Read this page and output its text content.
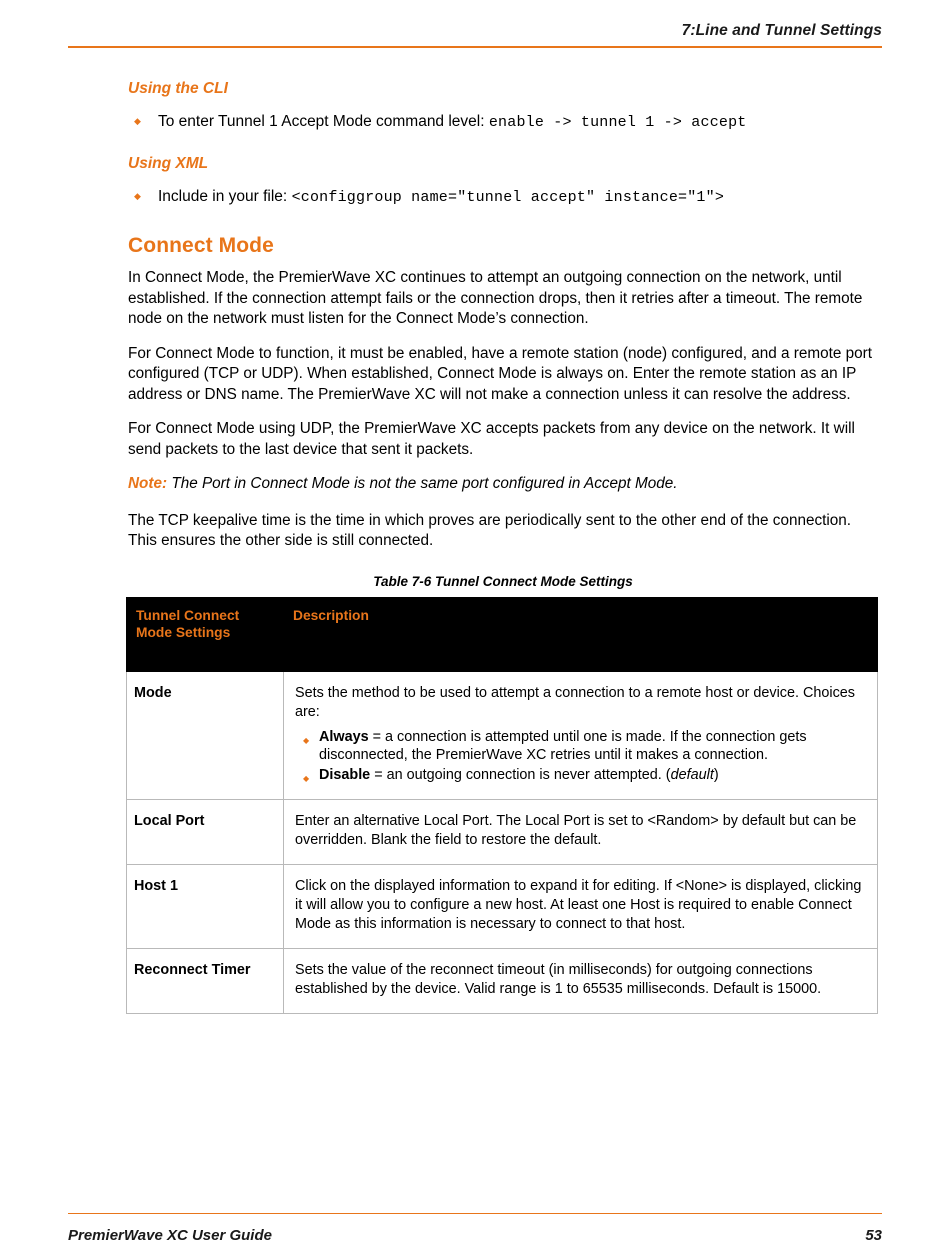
7:Line and Tunnel Settings
Using the CLI
◆	To enter Tunnel 1 Accept Mode command level: enable -> tunnel 1 -> accept
Using XML
◆	Include in your file: <configgroup name="tunnel accept" instance="1">
Connect Mode

In Connect Mode, the PremierWave XC continues to attempt an outgoing connection on the network, until established. If the connection attempt fails or the connection drops, then it retries after a timeout. The remote node on the network must listen for the Connect Mode’s connection.

For Connect Mode to function, it must be enabled, have a remote station (node) configured, and a remote port configured (TCP or UDP). When established, Connect Mode is always on. Enter the remote station as an IP address or DNS name. The PremierWave XC will not make a connection unless it can resolve the address.

For Connect Mode using UDP, the PremierWave XC accepts packets from any device on the network. It will send packets to the last device that sent it packets.

Note: The Port in Connect Mode is not the same port configured in Accept Mode.

The TCP keepalive time is the time in which proves are periodically sent to the other end of the connection. This ensures the other side is still connected.

Table 7-6 Tunnel Connect Mode Settings
Tunnel Connect Mode Settings	Description
Mode	Sets the method to be used to attempt a connection to a remote host or device. Choices are:
◆ Always = a connection is attempted until one is made. If the connection gets disconnected, the PremierWave XC retries until it makes a connection.
◆ Disable = an outgoing connection is never attempted. (default)

Local Port	Enter an alternative Local Port. The Local Port is set to <Random> by default but can be overridden. Blank the field to restore the default.
Host 1	Click on the displayed information to expand it for editing. If <None> is displayed, clicking it will allow you to configure a new host. At least one Host is required to enable Connect Mode as this information is necessary to connect to that host.
Reconnect Timer	Sets the value of the reconnect timeout (in milliseconds) for outgoing connections established by the device. Valid range is 1 to 65535 milliseconds. Default is 15000.
PremierWave XC User Guide	53
